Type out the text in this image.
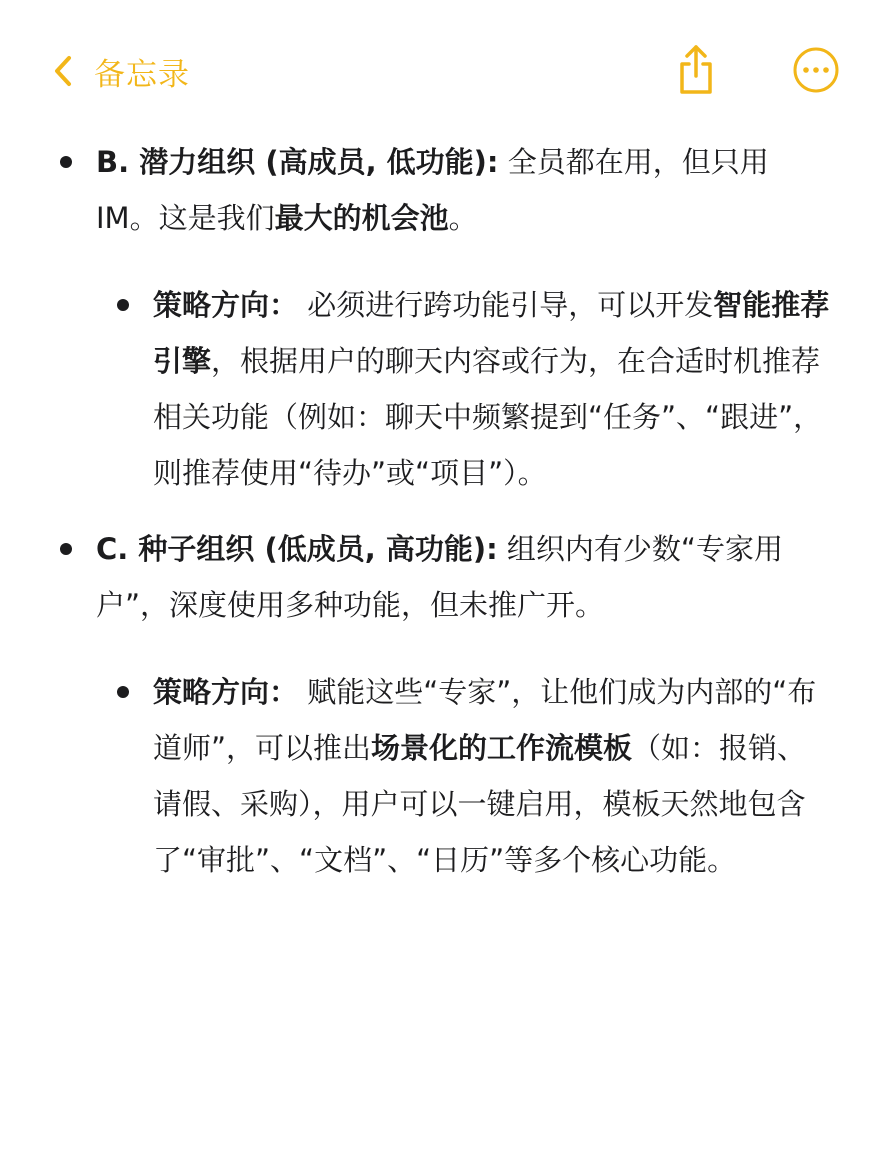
备忘录
B. 潜力组织 (高成员, 低功能): 全员都在用，但只用IM。这是我们最大的机会池。
策略方向： 必须进行跨功能引导，可以开发智能推荐引擎，根据用户的聊天内容或行为，在合适时机推荐相关功能（例如：聊天中频繁提到“任务”、“跟进”，则推荐使用“待办”或“项目”）。
C. 种子组织 (低成员, 高功能): 组织内有少数“专家用户”，深度使用多种功能，但未推广开。
策略方向： 赋能这些“专家”，让他们成为内部的“布道师”，可以推出场景化的工作流模板（如：报销、请假、采购），用户可以一键启用，模板天然地包含了“审批”、“文档”、“日历”等多个核心功能。
